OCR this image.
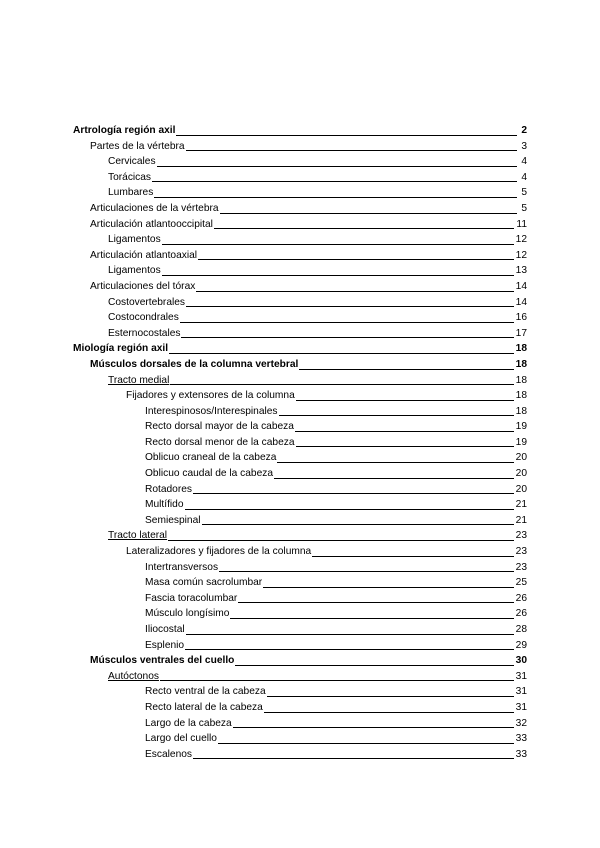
Artrología región axil	2
Partes de la vértebra	3
Cervicales	4
Torácicas	4
Lumbares	5
Articulaciones de la vértebra	5
Articulación atlantooccipital	11
Ligamentos	12
Articulación atlantoaxial	12
Ligamentos	13
Articulaciones del tórax	14
Costovertebrales	14
Costocondrales	16
Esternocostales	17
Miología región axil	18
Músculos dorsales de la columna vertebral	18
Tracto medial	18
Fijadores y extensores de la columna	18
Interespinosos/Interespinales	18
Recto dorsal mayor de la cabeza	19
Recto dorsal menor de la cabeza	19
Oblicuo craneal de la cabeza	20
Oblicuo caudal de la cabeza	20
Rotadores	20
Multífido	21
Semiespinal	21
Tracto lateral	23
Lateralizadores y fijadores de la columna	23
Intertransversos	23
Masa común sacrolumbar	25
Fascia toracolumbar	26
Músculo longísimo	26
Iliocostal	28
Esplenio	29
Músculos ventrales del cuello	30
Autóctonos	31
Recto ventral de la cabeza	31
Recto lateral de la cabeza	31
Largo de la cabeza	32
Largo del cuello	33
Escalenos	33
